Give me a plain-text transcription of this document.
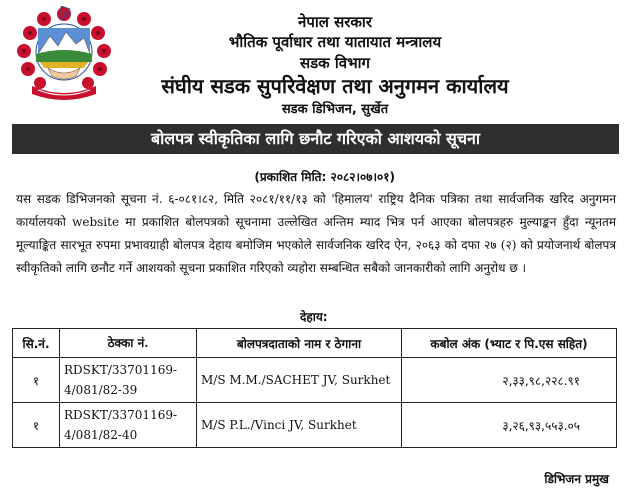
नेपाल सरकार
भौतिक पूर्वाधार तथा यातायात मन्त्रालय
सडक विभाग
संघीय सडक सुपरिवेक्षण तथा अनुगमन कार्यालय
सडक डिभिजन, सुर्खेत
बोलपत्र स्वीकृतिका लागि छनौट गरिएको आशयको सूचना
(प्रकाशित मिति: २०८२।०७।०१)

यस सडक डिभिजनको सूचना नं. ६-०८१।८२, मिति २०८१/११/१३ को 'हिमालय' राष्ट्रिय दैनिक पत्रिका तथा सार्वजनिक खरिद अनुगमन कार्यालयको website मा प्रकाशित बोलपत्रको सूचनामा उल्लेखित अन्तिम म्याद भित्र पर्न आएका बोलपत्रहरु मुल्याङ्कन हुँदा न्यूनतम मूल्याङ्कित सारभूत रुपमा प्रभावग्राही बोलपत्र देहाय बमोजिम भएकोले सार्वजनिक खरिद ऐन, २०६३ को दफा २७ (२) को प्रयोजनार्थ बोलपत्र स्वीकृतिको लागि छनौट गर्ने आशयको सूचना प्रकाशित गरिएको व्यहोरा सम्बन्धित सबैको जानकारीको लागि अनुरोध छ ।

देहाय:
सि.नं.	ठेक्का नं.	बोलपत्रदाताको नाम र ठेगाना	कबोल अंक (भ्याट र पि.एस सहित)
१	RDSKT/33701169-
4/081/82-39	M/S M.M./SACHET JV, Surkhet	२,३३,९८,२२८.९१
१	RDSKT/33701169-
4/081/82-40	M/S P.L./Vinci JV, Surkhet	३,२६,९३,५५३.०५
डिभिजन प्रमुख
